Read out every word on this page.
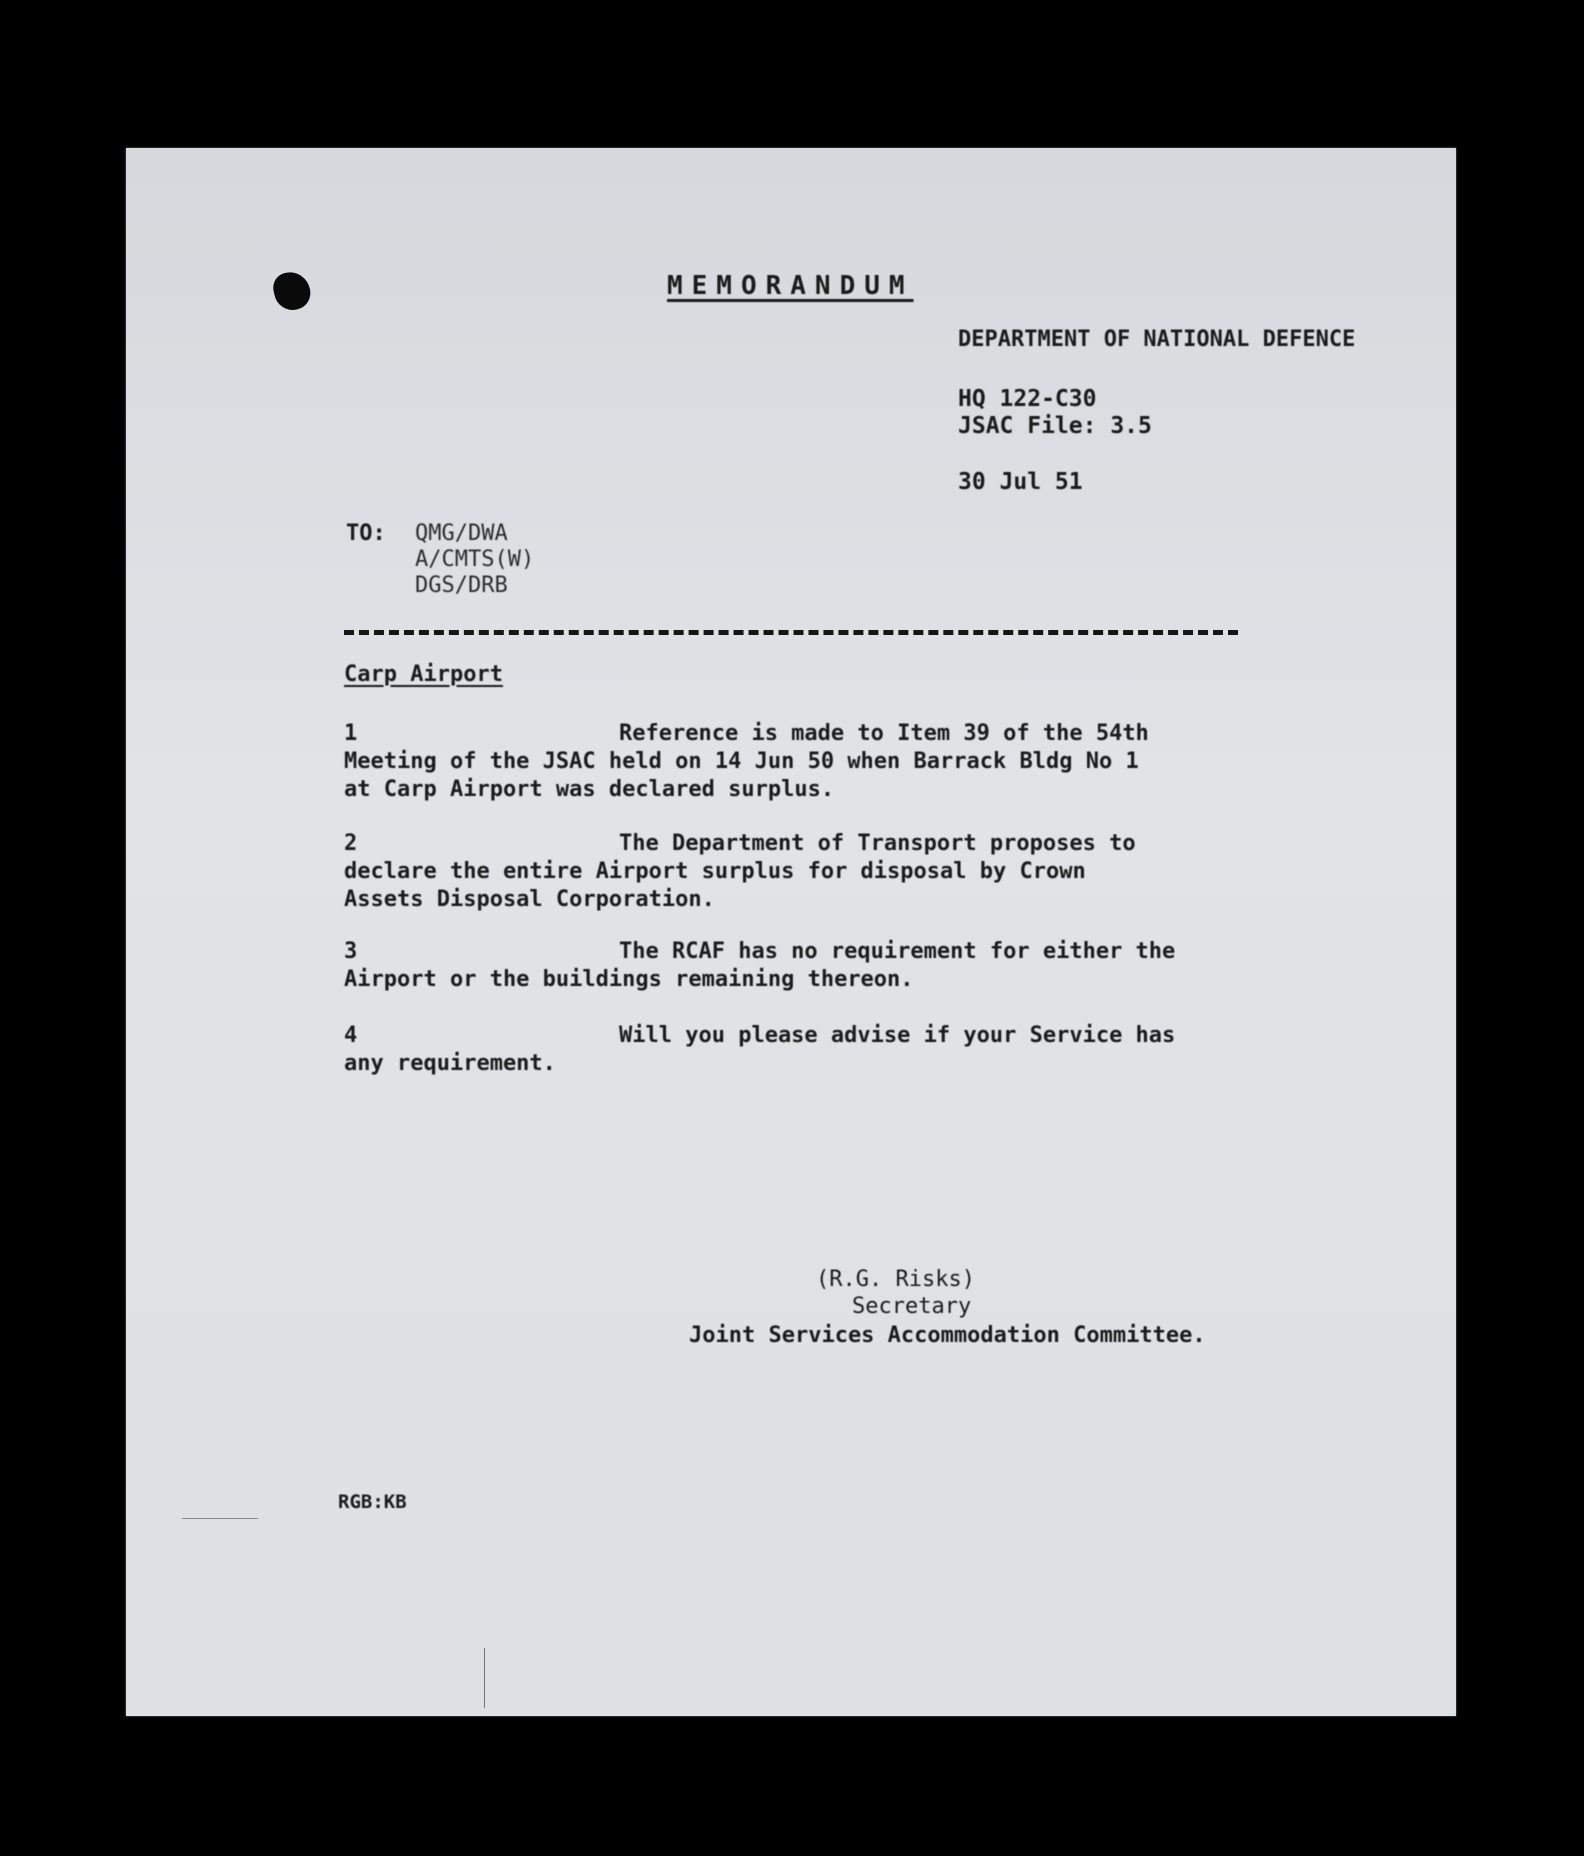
MEMORANDUM
DEPARTMENT OF NATIONAL DEFENCE
HQ 122-C30
JSAC File: 3.5
30 Jul 51
TO: QMG/DWA
A/CMTS(W)
DGS/DRB
Carp Airport

1

	Reference is made to Item 39 of the 54th

Meeting of the JSAC held on 14 Jun 50 when Barrack Bldg No 1

at Carp Airport was declared surplus.

2

	The Department of Transport proposes to

declare the entire Airport surplus for disposal by Crown

Assets Disposal Corporation.

3

	The RCAF has no requirement for either the

Airport or the buildings remaining thereon.

4

	Will you please advise if your Service has

any requirement.

(R.G. Risks)
Secretary
Joint Services Accommodation Committee.
RGB:KB
